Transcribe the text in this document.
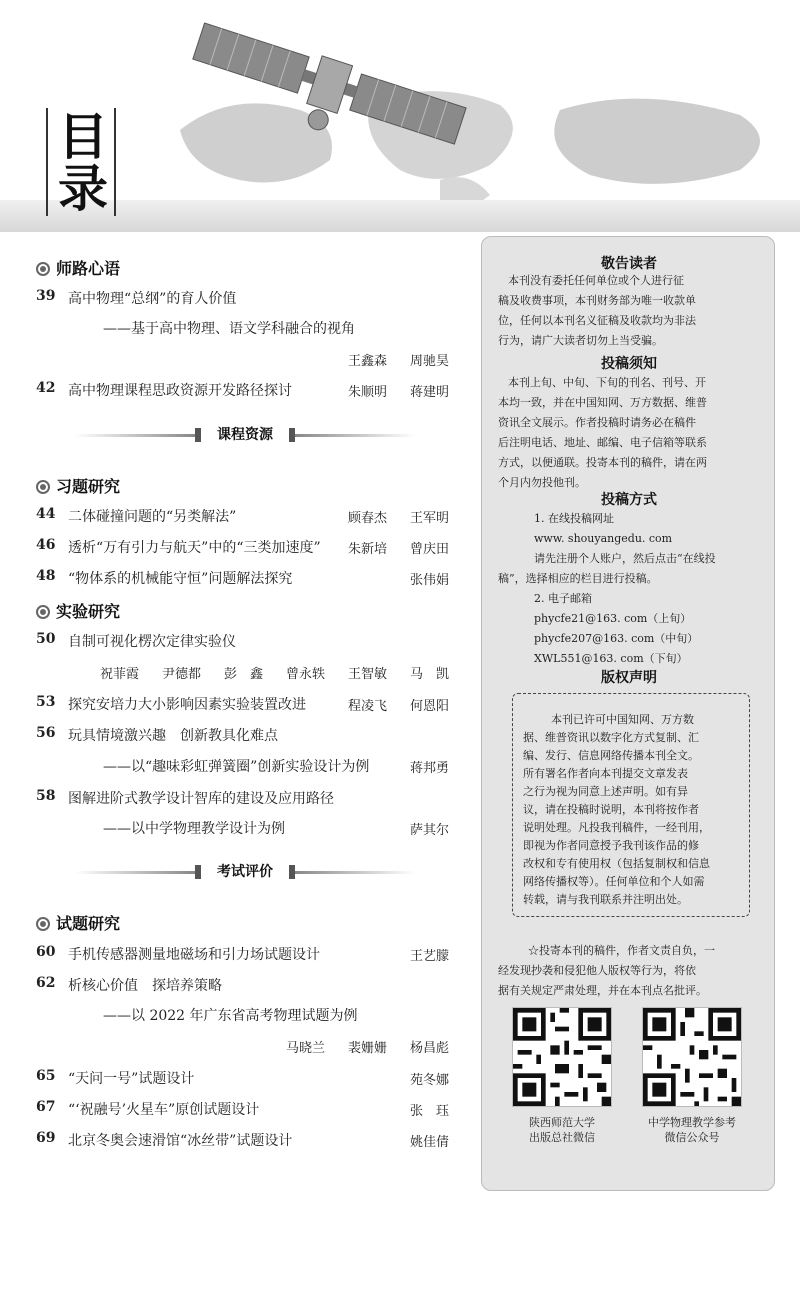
目
录
师路心语
39 高中物理“总纲”的育人价值
——基于高中物理、语文学科融合的视角
王鑫森 周驰昊
42 高中物理课程思政资源开发路径探讨	朱顺明 蒋建明
课程资源
习题研究
44 二体碰撞问题的“另类解法”	顾春杰 王军明
46 透析“万有引力与航天”中的“三类加速度” 朱新培 曾庆田
48 “物体系的机械能守恒”问题解法探究	张伟娟
实验研究
50 自制可视化楞次定律实验仪
祝菲霞 尹德都 彭　鑫 曾永轶 王智敏 马　凯
53 探究安培力大小影响因素实验装置改进	程凌飞 何恩阳
56 玩具情境激兴趣　创新教具化难点
——以“趣味彩虹弹簧圈”创新实验设计为例	蒋邦勇
58 图解进阶式教学设计智库的建设及应用路径
——以中学物理教学设计为例	萨其尔
考试评价
试题研究
60 手机传感器测量地磁场和引力场试题设计	王艺朦
62 析核心价值　探培养策略
——以 2022 年广东省高考物理试题为例
马晓兰 裴姗姗 杨昌彪
65 “天问一号”试题设计	苑冬娜
67 “‘祝融号’火星车”原创试题设计	张　珏
69 北京冬奥会速滑馆“冰丝带”试题设计	姚佳倩
敬告读者

本刊没有委托任何单位或个人进行征

稿及收费事项，本刊财务部为唯一收款单

位，任何以本刊名义征稿及收款均为非法

行为，请广大读者切勿上当受骗。

投稿须知

本刊上旬、中旬、下旬的刊名、刊号、开

本均一致，并在中国知网、万方数据、维普

资讯全文展示。作者投稿时请务必在稿件

后注明电话、地址、邮编、电子信箱等联系

方式，以便通联。投寄本刊的稿件，请在两

个月内勿投他刊。

投稿方式

1. 在线投稿网址

www. shouyangedu. com

请先注册个人账户，然后点击“在线投

稿”，选择相应的栏目进行投稿。

2. 电子邮箱

phycfe21@163. com（上旬）

phycfe207@163. com（中旬）

XWL551@163. com（下旬）

版权声明

本刊已许可中国知网、万方数

据、维普资讯以数字化方式复制、汇

编、发行、信息网络传播本刊全文。

所有署名作者向本刊提交文章发表

之行为视为同意上述声明。如有异

议，请在投稿时说明，本刊将按作者

说明处理。凡投我刊稿件，一经刊用，

即视为作者同意授予我刊该作品的修

改权和专有使用权（包括复制权和信息

网络传播权等）。任何单位和个人如需

转载，请与我刊联系并注明出处。

☆投寄本刊的稿件，作者文责自负，一

经发现抄袭和侵犯他人版权等行为，将依

据有关规定严肃处理，并在本刊点名批评。

陕西师范大学
出版总社微信
中学物理教学参考
微信公众号
